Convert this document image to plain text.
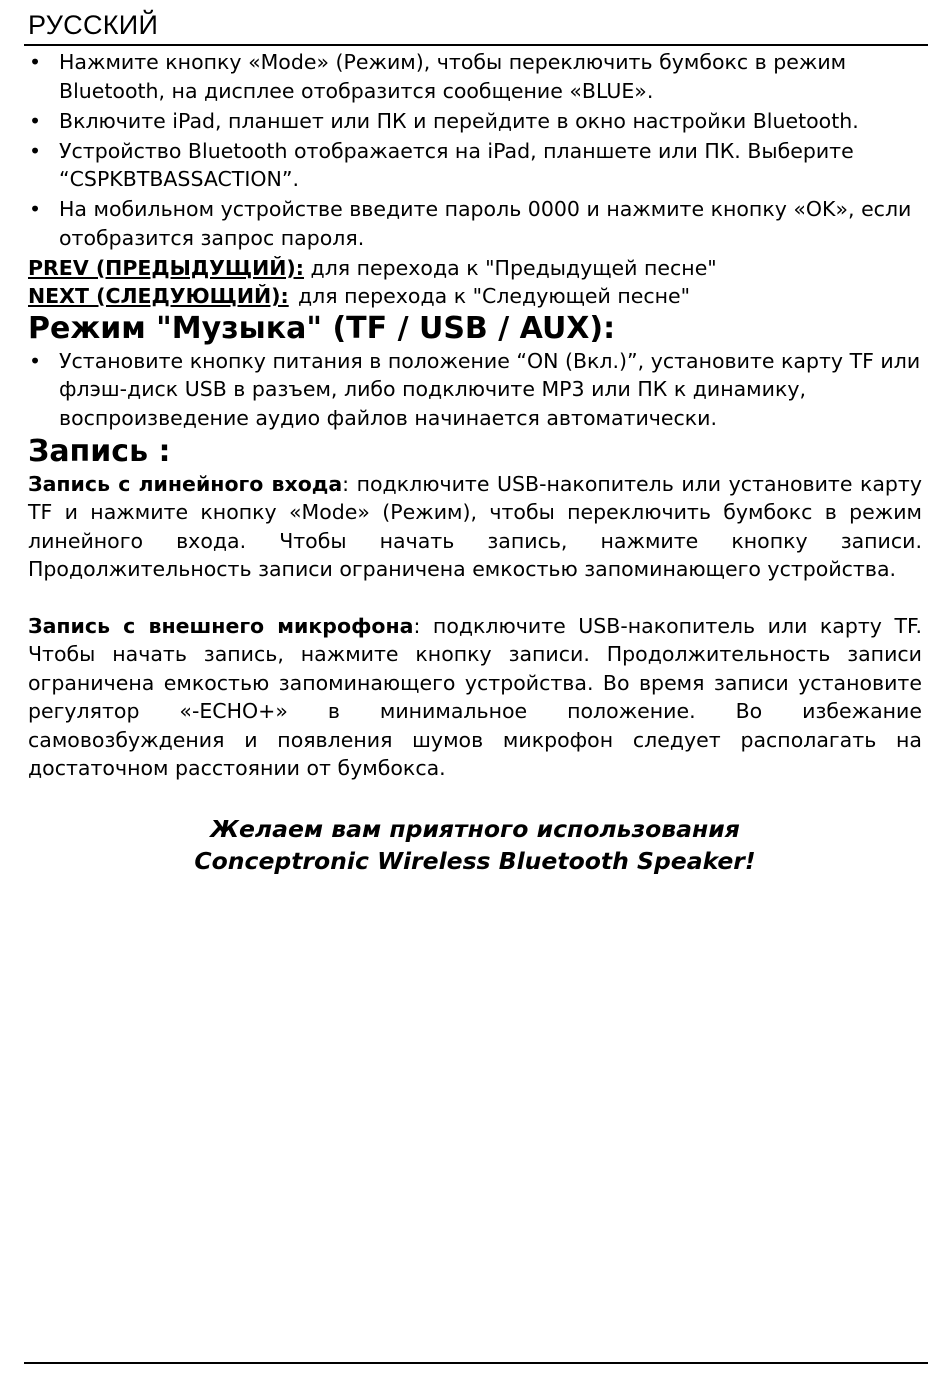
РУССКИЙ
• Нажмите кнопку «Mode» (Режим), чтобы переключить бумбокс в режим Bluetooth, на дисплее отобразится сообщение «BLUE».
• Включите iPad, планшет или ПК и перейдите в окно настройки Bluetooth.
• Устройство Bluetooth отображается на iPad, планшете или ПК. Выберите “CSPKBTBASSACTION”.
• На мобильном устройстве введите пароль 0000 и нажмите кнопку «OK», если отобразится запрос пароля.

PREV (ПРЕДЫДУЩИЙ): для перехода к "Предыдущей песне"

NEXT (СЛЕДУЮЩИЙ): для перехода к "Следующей песне"

Режим "Музыка" (TF / USB / AUX):
• Установите кнопку питания в положение “ON (Вкл.)”, установите карту TF или флэш-диск USB в разъем, либо подключите MP3 или ПК к динамику, воспроизведение аудио файлов начинается автоматически.
Запись :

Запись с линейного входа: подключите USB-накопитель или установите карту TF и нажмите кнопку «Mode» (Режим), чтобы переключить бумбокс в режим линейного входа. Чтобы начать запись, нажмите кнопку записи. Продолжительность записи ограничена емкостью запоминающего устройства.

Запись с внешнего микрофона: подключите USB-накопитель или карту TF. Чтобы начать запись, нажмите кнопку записи. Продолжительность записи ограничена емкостью запоминающего устройства. Во время записи установите регулятор «-ECHO+» в минимальное положение. Во избежание самовозбуждения и появления шумов микрофон следует располагать на достаточном расстоянии от бумбокса.

Желаем вам приятного использования
Conceptronic Wireless Bluetooth Speaker!
